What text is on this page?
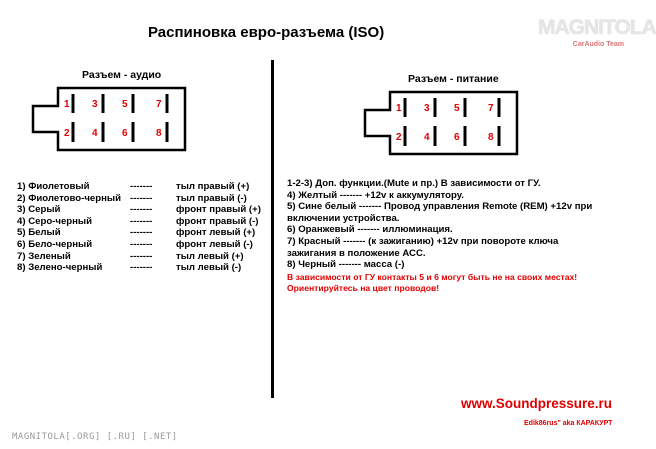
Распиновка евро-разъема (ISO)	MAGNITOLA
CarAudio Team
Разъем - аудио
1 3 5	7
2 4 6	8
Разъем - питание
1 3 5	7
2 4 6	8
1) Фиолетовый	-------	тыл правый (+)
2) Фиолетово-черный -------	тыл правый (-)
3) Серый	-------	фронт правый (+)
4) Серо-черный	-------	фронт правый (-)
5) Белый	-------	фронт левый (+)
6) Бело-черный	-------	фронт левый (-)
7) Зеленый	-------	тыл левый (+)
8) Зелено-черный	-------	тыл левый (-)
1-2-3) Доп. функции.(Mute и пр.) В зависимости от ГУ.
4) Желтый ------- +12v к аккумулятору.
5) Сине белый ------- Провод управления Remote (REM) +12v при
включении устройства.
6) Оранжевый ------- иллюминация.
7) Красный ------- (к зажиганию) +12v при повороте ключа
зажигания в положение АСС.
8) Черный ------- масса (-)
В зависимости от ГУ контакты 5 и 6 могут быть не на своих местах!
Ориентируйтесь на цвет проводов!
www.Soundpressure.ru
Edik86rus" aka КАРАКУРТ
MAGNITOLA[.ORG] [.RU] [.NET]
